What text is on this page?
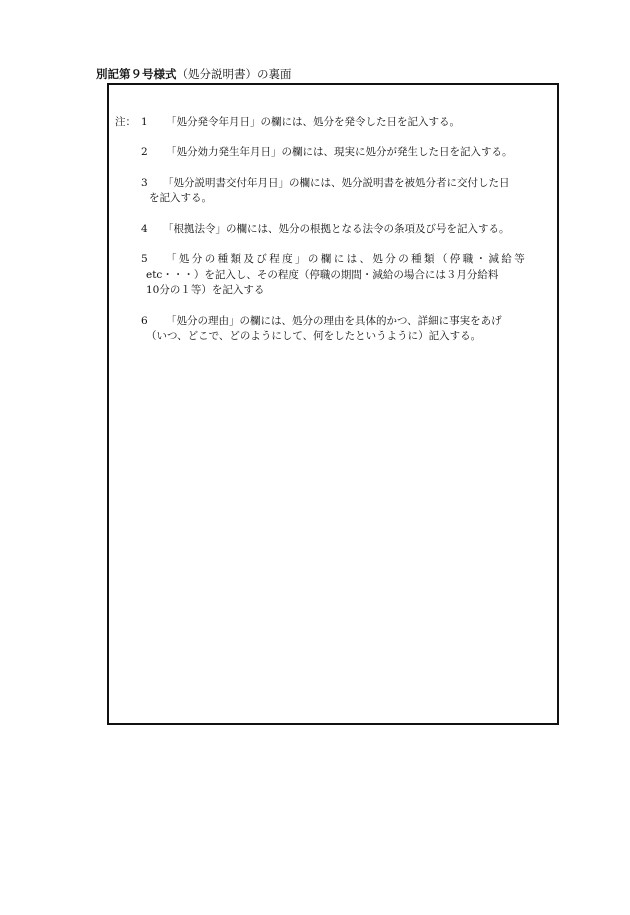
別記第９号様式（処分説明書）の裏面
注： 1 「処分発令年月日」の欄には、処分を発令した日を記入する。
2 「処分効力発生年月日」の欄には、現実に処分が発生した日を記入する。
3 「処分説明書交付年月日」の欄には、処分説明書を被処分者に交付した日
を記入する。
4 「根拠法令」の欄には、処分の根拠となる法令の条項及び号を記入する。
5 「処分の種類及び程度」の欄には、処分の種類（停職・減給等
etc・・・）を記入し、その程度（停職の期間・減給の場合には３月分給料
10分の１等）を記入する
6 「処分の理由」の欄には、処分の理由を具体的かつ、詳細に事実をあげ
（いつ、どこで、どのようにして、何をしたというように）記入する。
